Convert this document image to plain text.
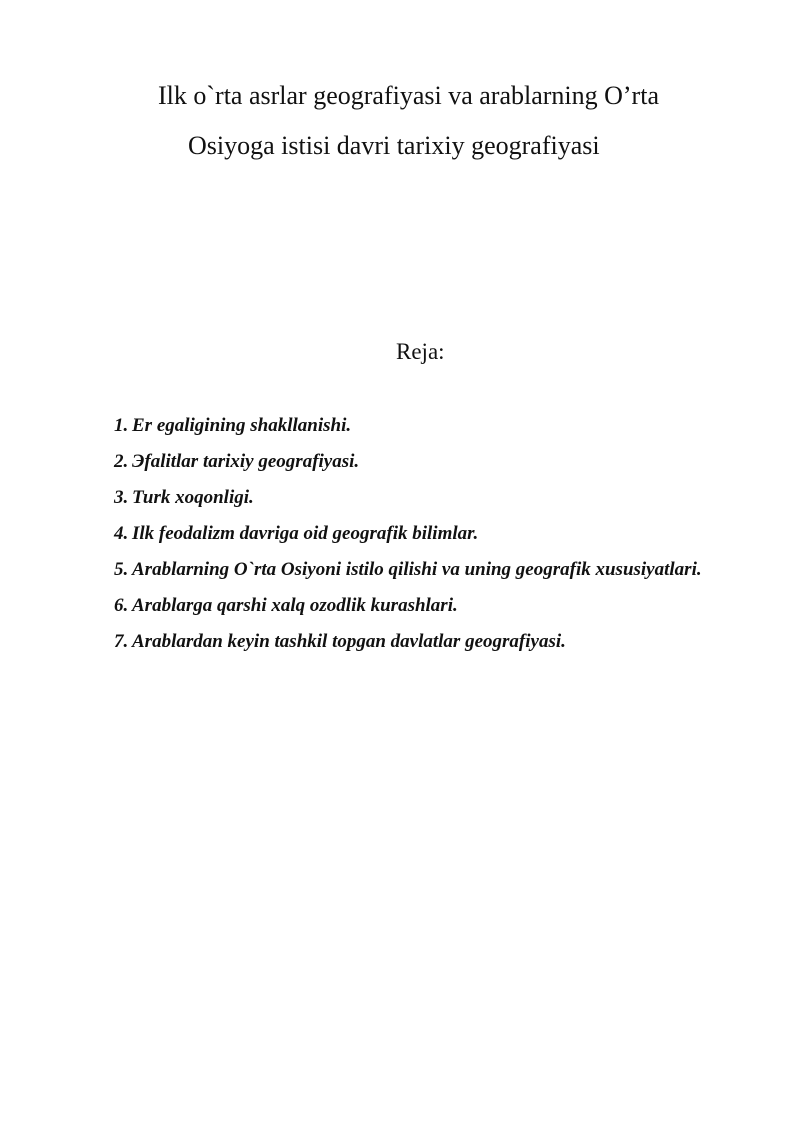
Ilk o`rta asrlar geografiyasi va arablarning O’rta
Osiyoga istisi davri tarixiy geografiyasi
Reja:
1. Er egaligining shakllanishi.
2. Эfalitlar tarixiy geografiyasi.
3. Turk xoqonligi.
4. Ilk feodalizm davriga oid geografik bilimlar.
5. Arablarning O`rta Osiyoni istilo qilishi va uning geografik xususiyatlari.
6. Arablarga qarshi xalq ozodlik kurashlari.
7. Arablardan keyin tashkil topgan davlatlar geografiyasi.
